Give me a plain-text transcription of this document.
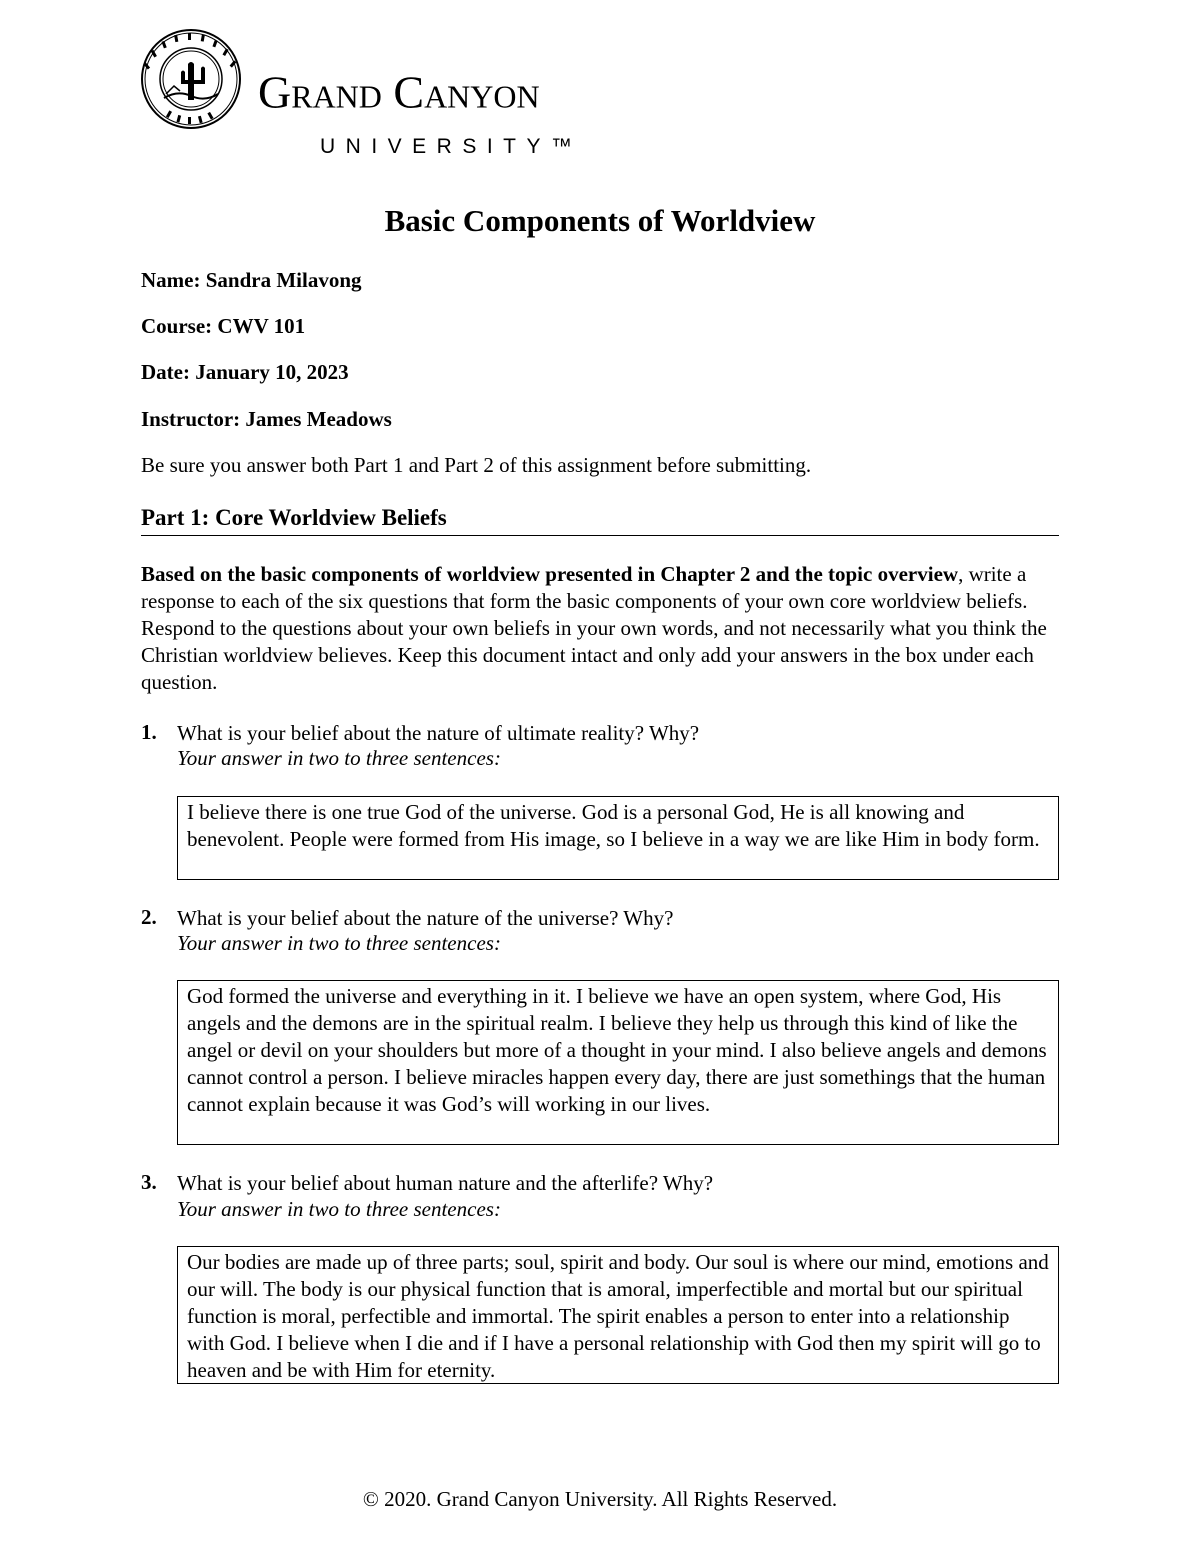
Grand Canyon
UNIVERSITY™
Basic Components of Worldview
Name: Sandra Milavong
Course: CWV 101
Date: January 10, 2023
Instructor: James Meadows
Be sure you answer both Part 1 and Part 2 of this assignment before submitting.
Part 1: Core Worldview Beliefs
Based on the basic components of worldview presented in Chapter 2 and the topic overview, write a response to each of the six questions that form the basic components of your own core worldview beliefs. Respond to the questions about your own beliefs in your own words, and not necessarily what you think the Christian worldview believes. Keep this document intact and only add your answers in the box under each question.
1. What is your belief about the nature of ultimate reality? Why?
Your answer in two to three sentences:
I believe there is one true God of the universe. God is a personal God, He is all knowing and benevolent. People were formed from His image, so I believe in a way we are like Him in body form.
2. What is your belief about the nature of the universe? Why?
Your answer in two to three sentences:
God formed the universe and everything in it. I believe we have an open system, where God, His angels and the demons are in the spiritual realm. I believe they help us through this kind of like the angel or devil on your shoulders but more of a thought in your mind. I also believe angels and demons cannot control a person. I believe miracles happen every day, there are just somethings that the human cannot explain because it was God’s will working in our lives.
3. What is your belief about human nature and the afterlife? Why?
Your answer in two to three sentences:
Our bodies are made up of three parts; soul, spirit and body. Our soul is where our mind, emotions and our will. The body is our physical function that is amoral, imperfectible and mortal but our spiritual function is moral, perfectible and immortal. The spirit enables a person to enter into a relationship with God. I believe when I die and if I have a personal relationship with God then my spirit will go to heaven and be with Him for eternity.
© 2020. Grand Canyon University. All Rights Reserved.
